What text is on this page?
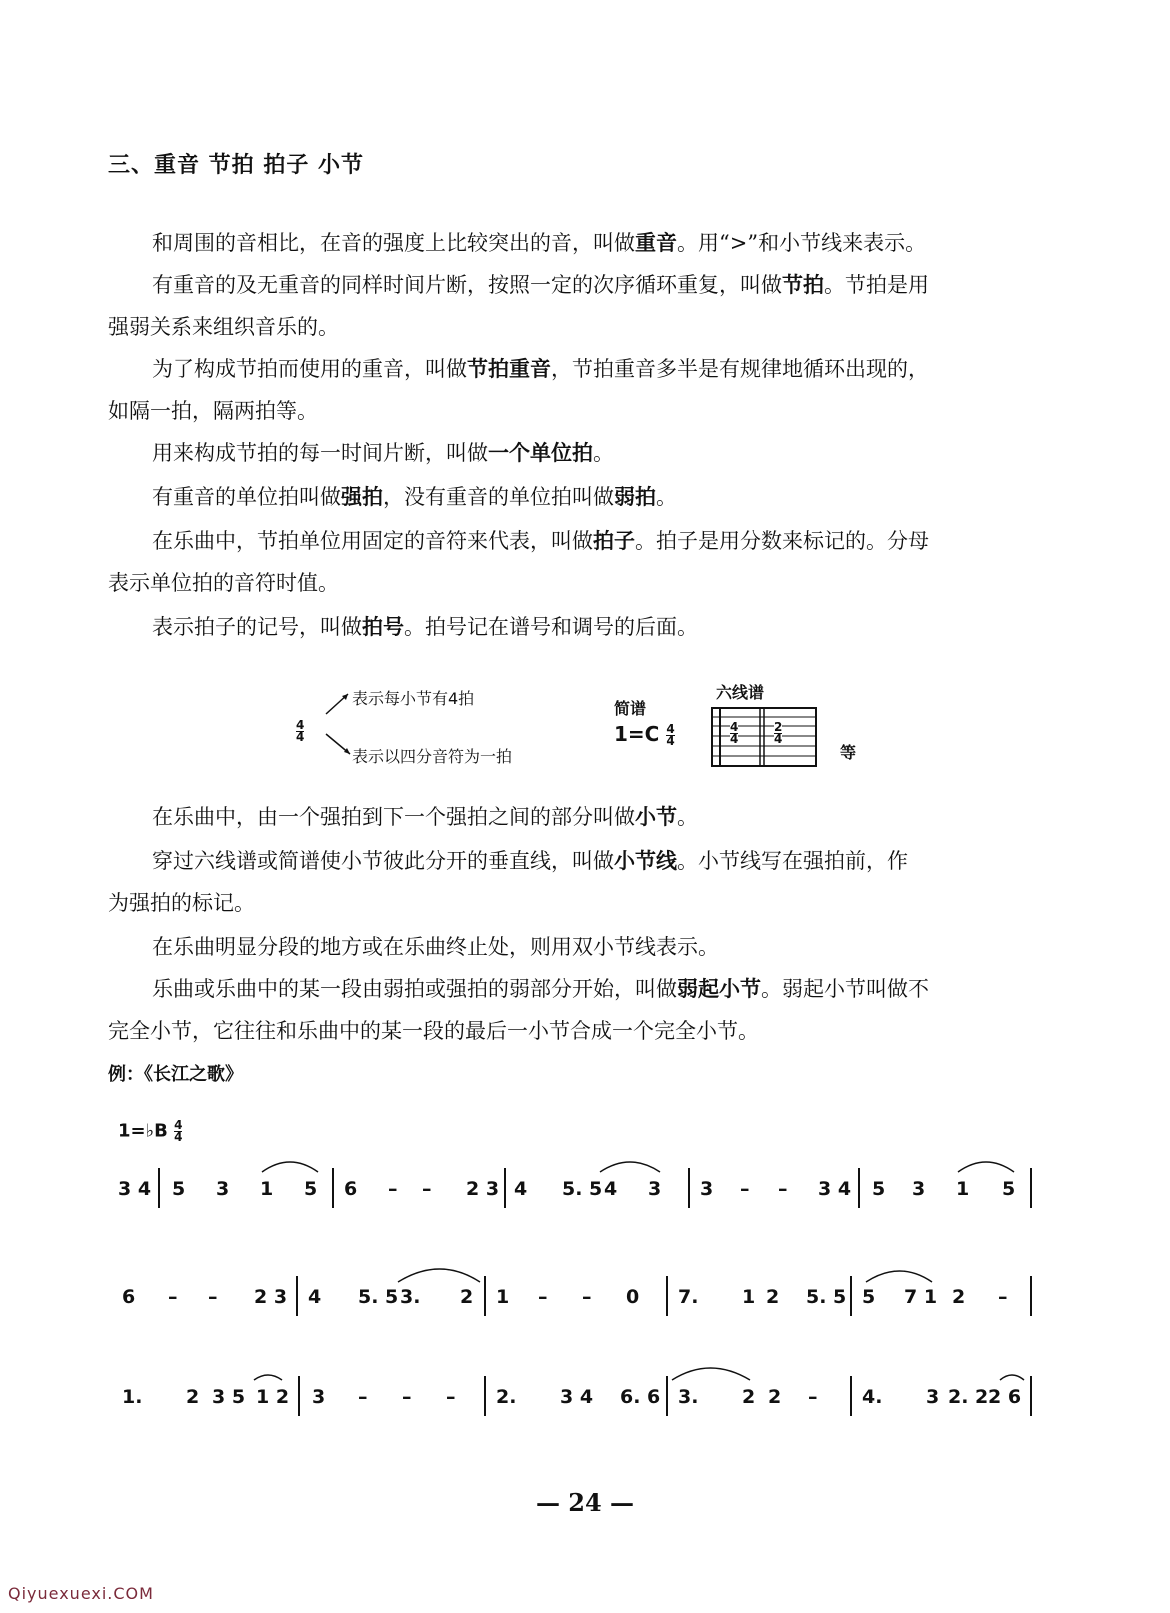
三、重音 节拍 拍子 小节
和周围的音相比，在音的强度上比较突出的音，叫做重音。用“>”和小节线来表示。
有重音的及无重音的同样时间片断，按照一定的次序循环重复，叫做节拍。节拍是用
强弱关系来组织音乐的。
为了构成节拍而使用的重音，叫做节拍重音，节拍重音多半是有规律地循环出现的，
如隔一拍，隔两拍等。
用来构成节拍的每一时间片断，叫做一个单位拍。
有重音的单位拍叫做强拍，没有重音的单位拍叫做弱拍。
在乐曲中，节拍单位用固定的音符来代表，叫做拍子。拍子是用分数来标记的。分母
表示单位拍的音符时值。
表示拍子的记号，叫做拍号。拍号记在谱号和调号的后面。
$\frac{4}{4}$
表示每小节有4拍
表示以四分音符为一拍
简谱
$1=C \frac{4}{4}$
六线谱
$\frac{4}{4}$	$\frac{2}{4}$
等
在乐曲中，由一个强拍到下一个强拍之间的部分叫做小节。
穿过六线谱或简谱使小节彼此分开的垂直线，叫做小节线。小节线写在强拍前，作
为强拍的标记。
在乐曲明显分段的地方或在乐曲终止处，则用双小节线表示。
乐曲或乐曲中的某一段由弱拍或强拍的弱部分开始，叫做弱起小节。弱起小节叫做不
完全小节，它往往和乐曲中的某一段的最后一小节合成一个完全小节。
例：《长江之歌》
1=♭B $\frac{4}{4}$
3 4 5 3 1 5 6 – – 2 3 4 5. 5 4 3 3 – – 3 4 5 3 1 5
6 – – 2 3 4 5. 5 3. 2 1 – – 0 7. 1 2 5. 5 5 7 1 2 –
1. 2 3 5 1 2 3 – – – 2. 3 4 6. 6 3. 2 2 – 4. 3 2. 2 2 6
— 24 —
Qiyuexuexi.COM
